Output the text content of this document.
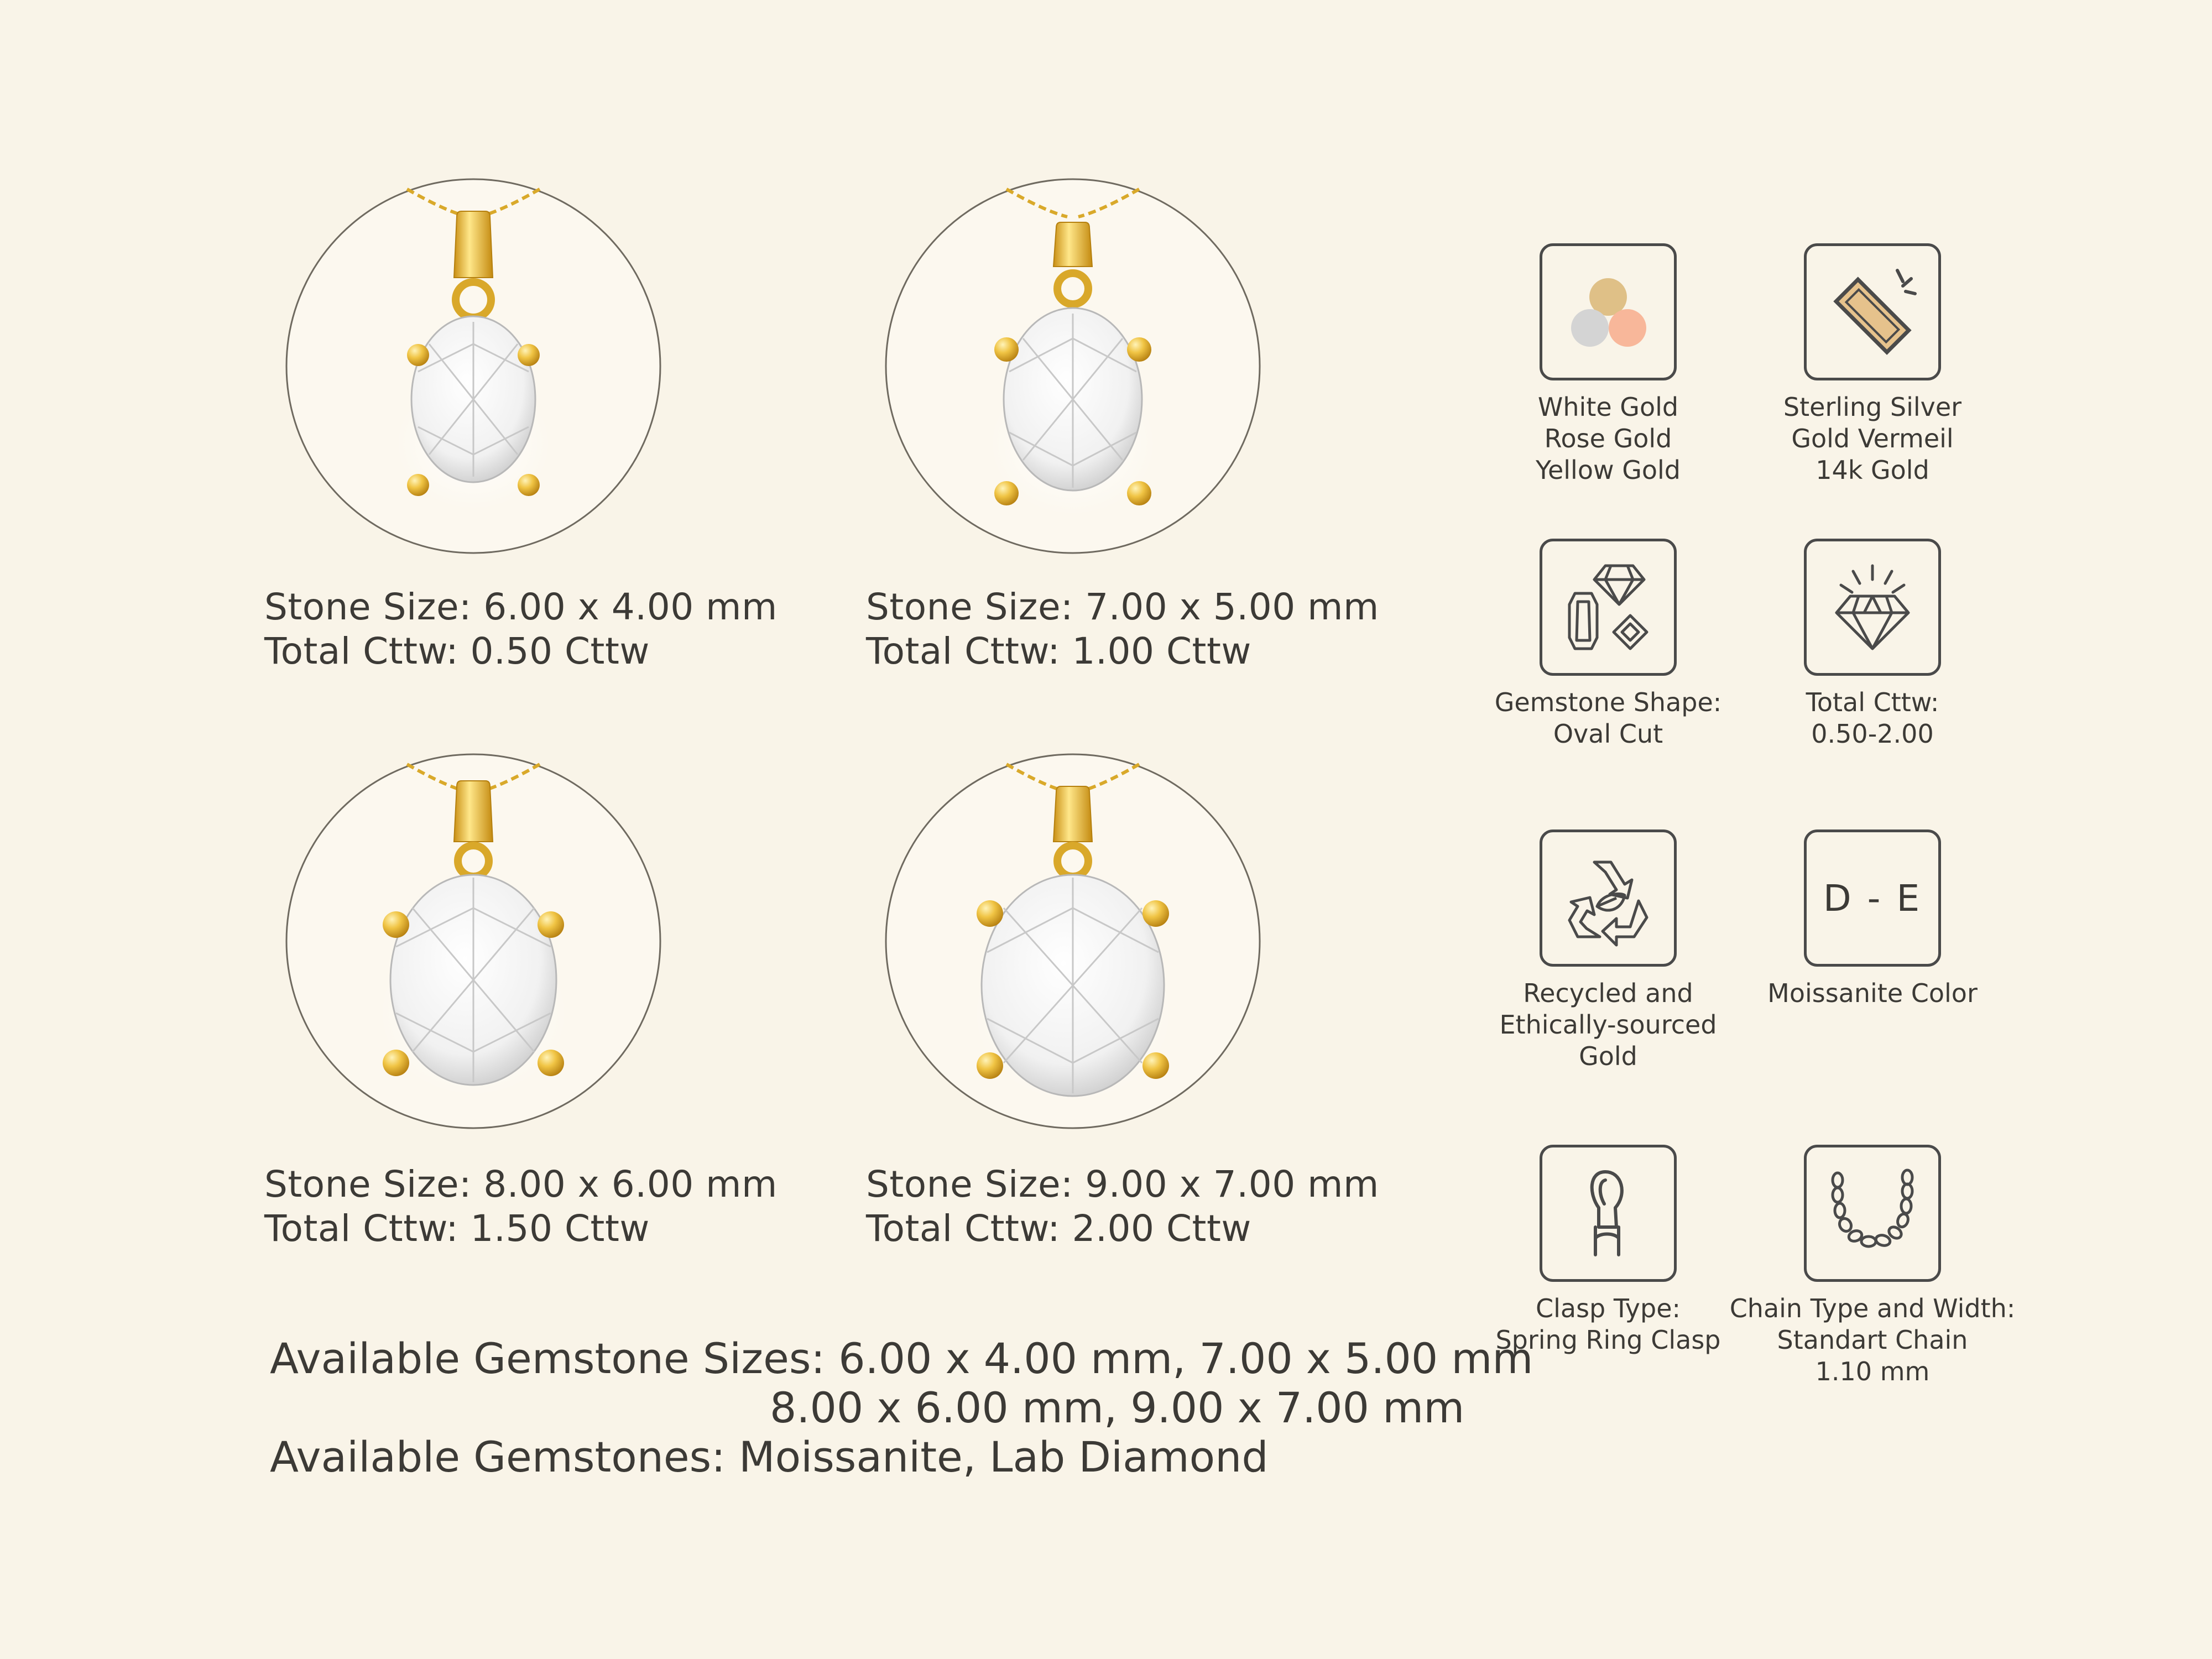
Stone Size: 6.00 x 4.00 mm
Total Cttw: 0.50 Cttw
Stone Size: 7.00 x 5.00 mm
Total Cttw: 1.00 Cttw
Stone Size: 8.00 x 6.00 mm
Total Cttw: 1.50 Cttw
Stone Size: 9.00 x 7.00 mm
Total Cttw: 2.00 Cttw
Available Gemstone Sizes: 6.00 x 4.00 mm, 7.00 x 5.00 mm
8.00 x 6.00 mm, 9.00 x 7.00 mm
Available Gemstones: Moissanite, Lab Diamond
White Gold
Rose Gold
Yellow Gold
Sterling Silver
Gold Vermeil
14k Gold
Gemstone Shape:
Oval Cut
Total Cttw:
0.50-2.00
Recycled and
Ethically-sourced
Gold
D - E
Moissanite Color
Clasp Type:
Spring Ring Clasp
Chain Type and Width:
Standart Chain
1.10 mm
